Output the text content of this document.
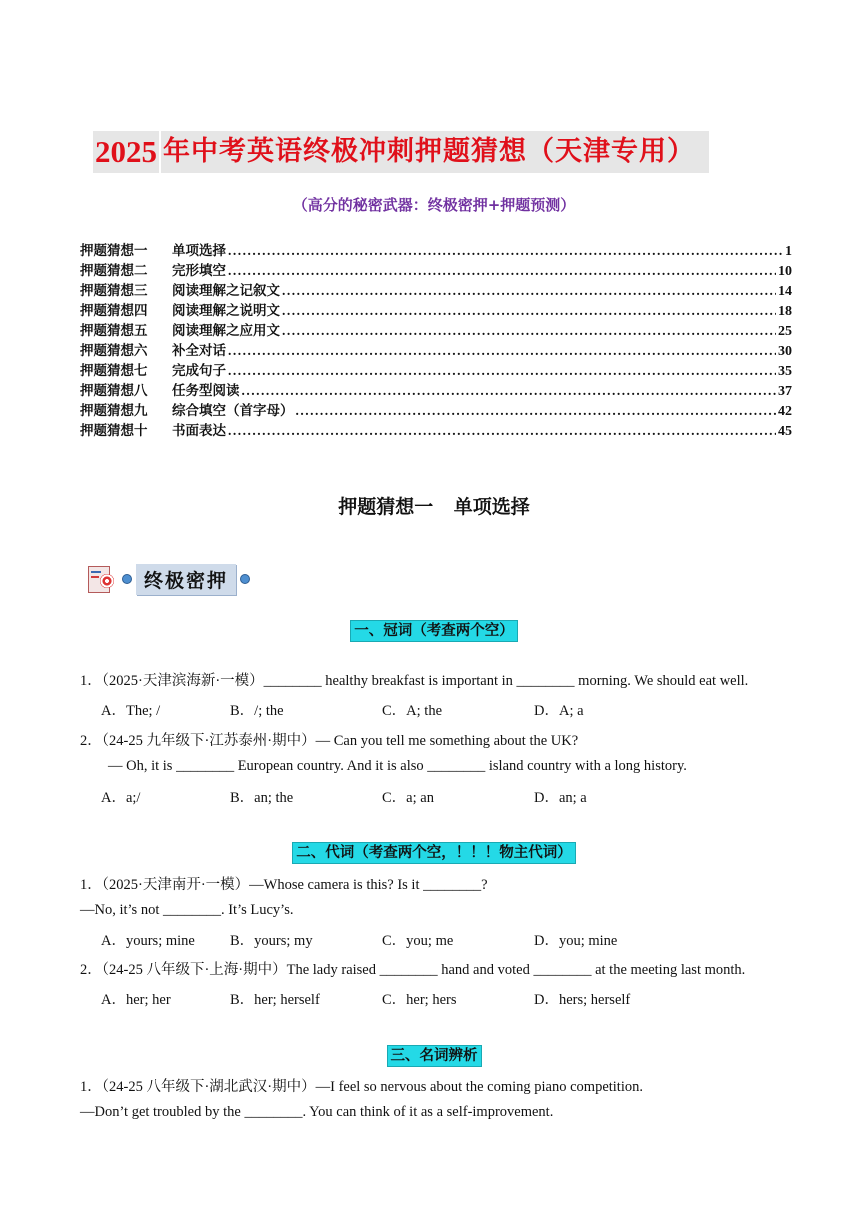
2025 年中考英语终极冲刺押题猜想（天津专用）
（高分的秘密武器：终极密押+押题预测）
押题猜想一	单项选择 .....	1
押题猜想二	完形填空 .....	10
押题猜想三	阅读理解之记叙文 .....	14
押题猜想四	阅读理解之说明文 .....	18
押题猜想五	阅读理解之应用文 .....	25
押题猜想六	补全对话 .....	30
押题猜想七	完成句子 .....	35
押题猜想八	任务型阅读 .....	37
押题猜想九	综合填空（首字母） .....	42
押题猜想十	书面表达 .....	45
押题猜想一 单项选择
终极密押
一、冠词（考查两个空）
1．（2025·天津滨海新·一模）________ healthy breakfast is important in ________ morning. We should eat well.
A．The; /	B．/; the	C．A; the	D．A; a
2．（24-25 九年级下·江苏泰州·期中）— Can you tell me something about the UK?
— Oh, it is ________ European country. And it is also ________ island country with a long history.
A．a;/	B．an; the	C．a; an	D．an; a
二、代词（考查两个空，！！！物主代词）
1．（2025·天津南开·一模）—Whose camera is this? Is it ________?
—No, it’s not ________. It’s Lucy’s.
A．yours; mine B．yours; my	C．you; me	D．you; mine
2．（24-25 八年级下·上海·期中）The lady raised ________ hand and voted ________ at the meeting last month.
A．her; her	B．her; herself	C．her; hers	D．hers; herself
三、名词辨析
1．（24-25 八年级下·湖北武汉·期中）—I feel so nervous about the coming piano competition.
—Don’t get troubled by the ________. You can think of it as a self-improvement.
